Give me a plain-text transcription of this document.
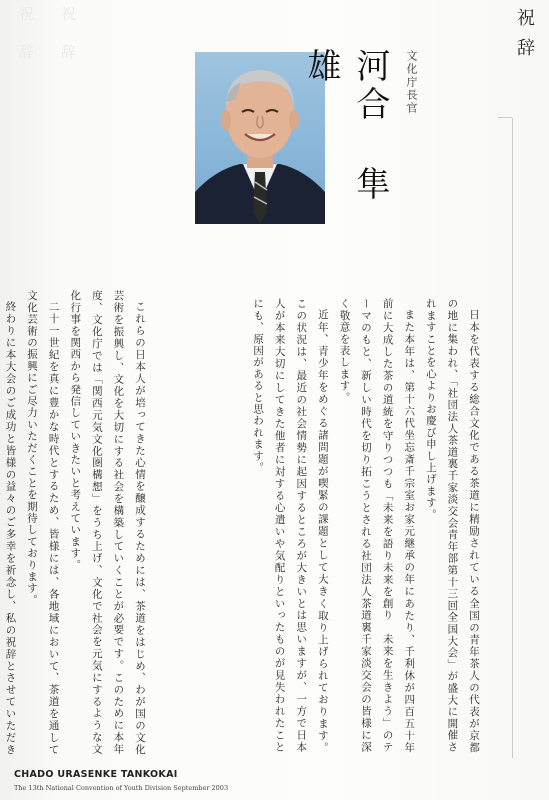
祝　辞 祝　辞	祝辞
文化庁長官
河合隼雄

日本を代表する総合文化である茶道に精励されている全国の青年茶人の代表が京都の地に集われ、「社団法人茶道裏千家淡交会青年部第十三回全国大会」が盛大に開催されますことを心よりお慶び申し上げます。

また本年は、第十六代坐忘斎千宗室お家元継承の年にあたり、千利休が四百五十年前に大成した茶の道統を守りつつも「未来を語り未来を創り　未来を生きよう」のテーマのもと、新しい時代を切り拓こうとされる社団法人茶道裏千家淡交会の皆様に深く敬意を表します。

近年、青少年をめぐる諸問題が喫緊の課題として大きく取り上げられております。この状況は、最近の社会情勢に起因するところが大きいとは思いますが、一方で日本人が本来大切にしてきた他者に対する心遣いや気配りといったものが見失われたことにも、原因があると思われます。

これらの日本人が培ってきた心情を醸成するためには、茶道をはじめ、わが国の文化芸術を振興し、文化を大切にする社会を構築していくことが必要です。このために本年度、文化庁では「関西元気文化圏構想」をうち上げ、文化で社会を元気にするような文化行事を関西から発信していきたいと考えています。

二十一世紀を真に豊かな時代とするため、皆様には、各地域において、茶道を通して文化芸術の振興にご尽力いただくことを期待しております。

終わりに本大会のご成功と皆様の益々のご多幸を祈念し、私の祝辞とさせていただき

CHADO URASENKE TANKOKAI
The 13th National Convention of Youth Division September 2003
